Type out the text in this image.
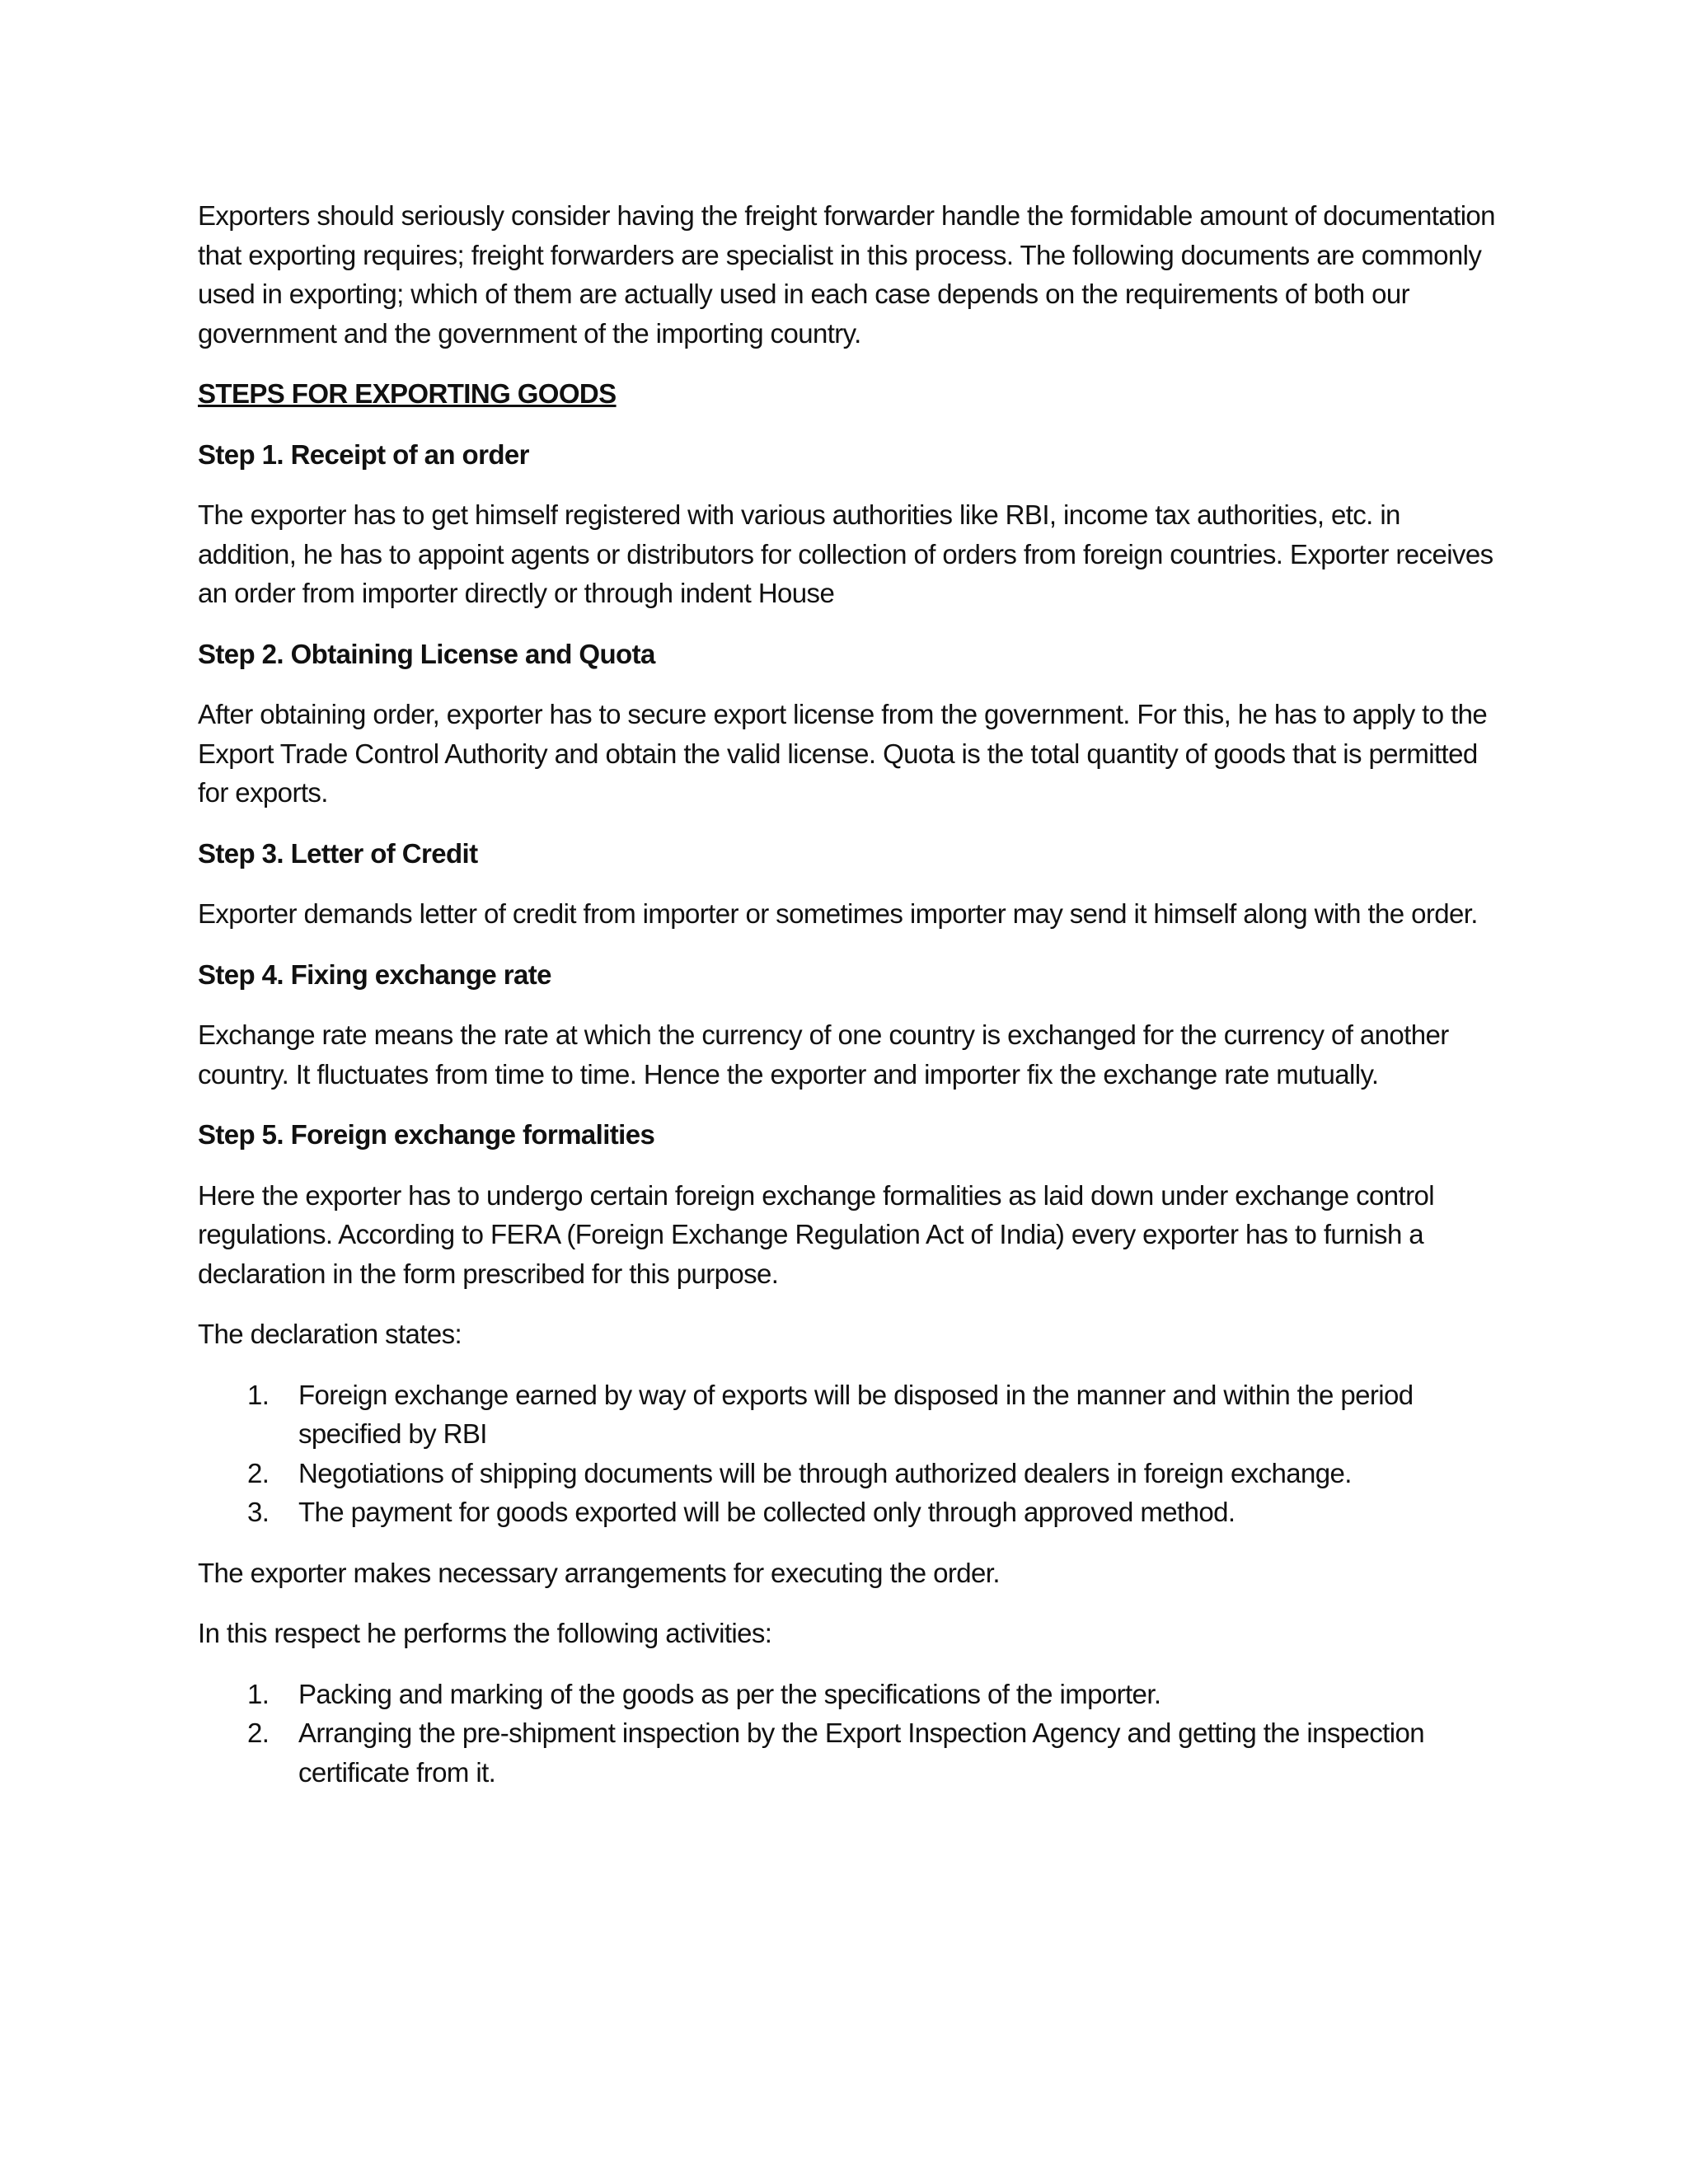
Exporters should seriously consider having the freight forwarder handle the formidable amount of documentation that exporting requires; freight forwarders are specialist in this process. The following documents are commonly used in exporting; which of them are actually used in each case depends on the requirements of both our government and the government of the importing country.

STEPS FOR EXPORTING GOODS

Step 1. Receipt of an order

The exporter has to get himself registered with various authorities like RBI, income tax authorities, etc. in addition, he has to appoint agents or distributors for collection of orders from foreign countries. Exporter receives an order from importer directly or through indent House

Step 2. Obtaining License and Quota

After obtaining order, exporter has to secure export license from the government. For this, he has to apply to the Export Trade Control Authority and obtain the valid license. Quota is the total quantity of goods that is permitted for exports.

Step 3. Letter of Credit

Exporter demands letter of credit from importer or sometimes importer may send it himself along with the order.

Step 4. Fixing exchange rate

Exchange rate means the rate at which the currency of one country is exchanged for the currency of another country. It fluctuates from time to time. Hence the exporter and importer fix the exchange rate mutually.

Step 5. Foreign exchange formalities

Here the exporter has to undergo certain foreign exchange formalities as laid down under exchange control regulations. According to FERA (Foreign Exchange Regulation Act of India) every exporter has to furnish a declaration in the form prescribed for this purpose.

The declaration states:

1. Foreign exchange earned by way of exports will be disposed in the manner and within the period specified by RBI
2. Negotiations of shipping documents will be through authorized dealers in foreign exchange.
3. The payment for goods exported will be collected only through approved method.

The exporter makes necessary arrangements for executing the order.

In this respect he performs the following activities:

1. Packing and marking of the goods as per the specifications of the importer.
2. Arranging the pre-shipment inspection by the Export Inspection Agency and getting the inspection certificate from it.
